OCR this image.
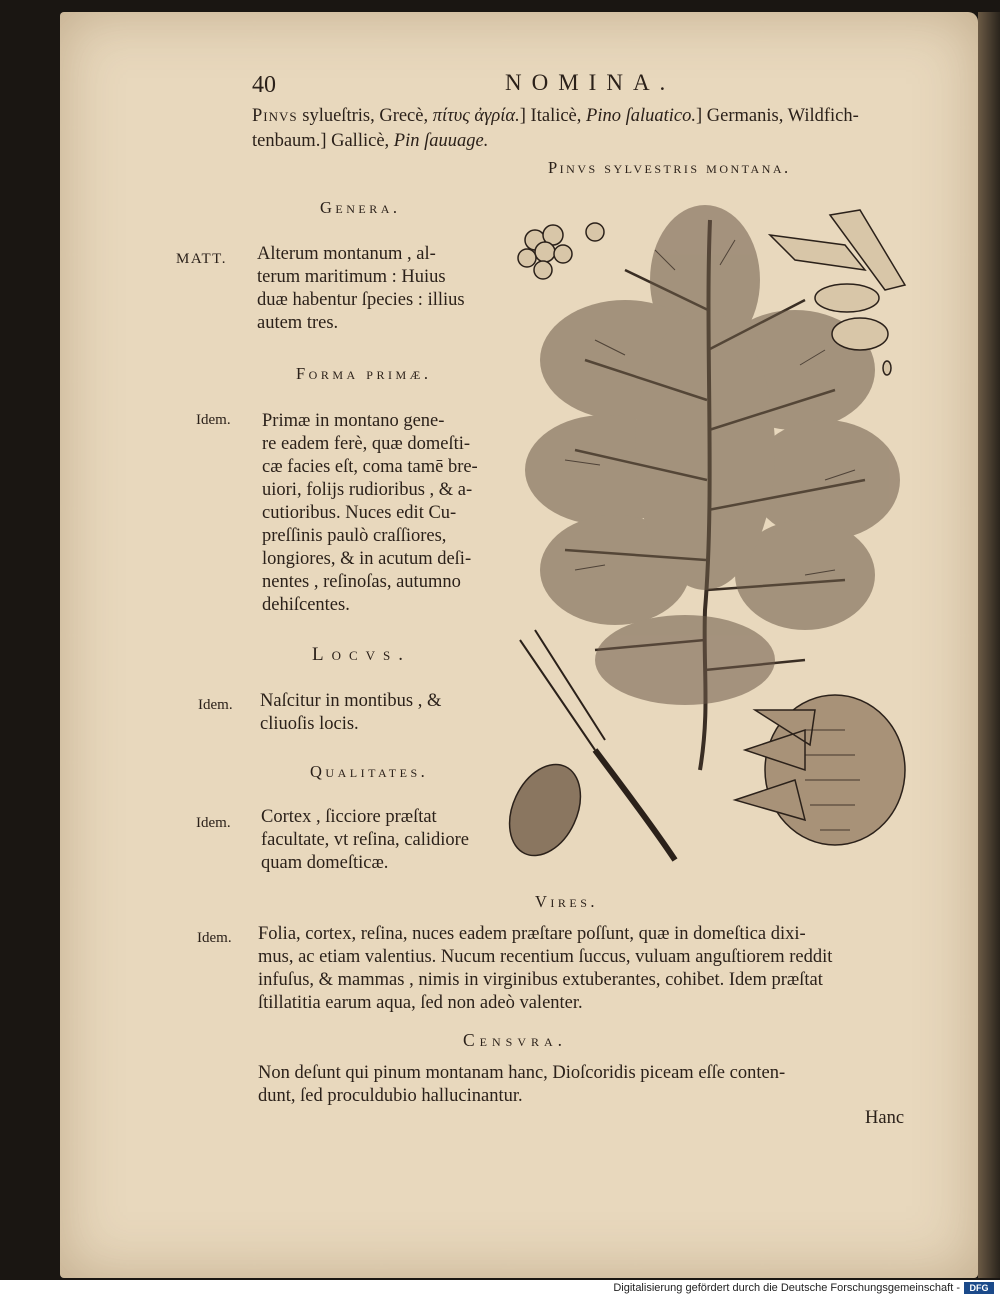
40	NOMINA.
Pinvs sylueſtris, Grecè, πίτυς ἀγρία.] Italicè, Pino ſaluatico.] Germanis, Wildfich-
tenbaum.] Gallicè, Pin ſauuage.
Pinvs sylvestris montana.
Genera.
MATT. Alterum montanum , al-
terum maritimum : Huius
duæ habentur ſpecies : illius
autem tres.
Forma primæ.
Idem. Primæ in montano gene-
re eadem ferè, quæ domeſti-
cæ facies eſt, coma tamē bre-
uiori, folijs rudioribus , & a-
cutioribus. Nuces edit Cu-
preſſinis paulò craſſiores,
longiores, & in acutum deſi-
nentes , reſinoſas, autumno
dehiſcentes.
Locvs.
Idem. Naſcitur in montibus , &
cliuoſis locis.
Qualitates.
Idem. Cortex , ſicciore præſtat
facultate, vt reſina, calidiore
quam domeſticæ.
Vires.
Idem. Folia, cortex, reſina, nuces eadem præſtare poſſunt, quæ in domeſtica dixi-
mus, ac etiam valentius. Nucum recentium ſuccus, vuluam anguſtiorem reddit
infuſus, & mammas , nimis in virginibus extuberantes, cohibet. Idem præſtat
ſtillatitia earum aqua, ſed non adeò valenter.
Censvra.
Non deſunt qui pinum montanam hanc, Dioſcoridis piceam eſſe conten-
dunt, ſed proculdubio hallucinantur.
Hanc
Digitalisierung gefördert durch die Deutsche Forschungsgemeinschaft -	DFG
